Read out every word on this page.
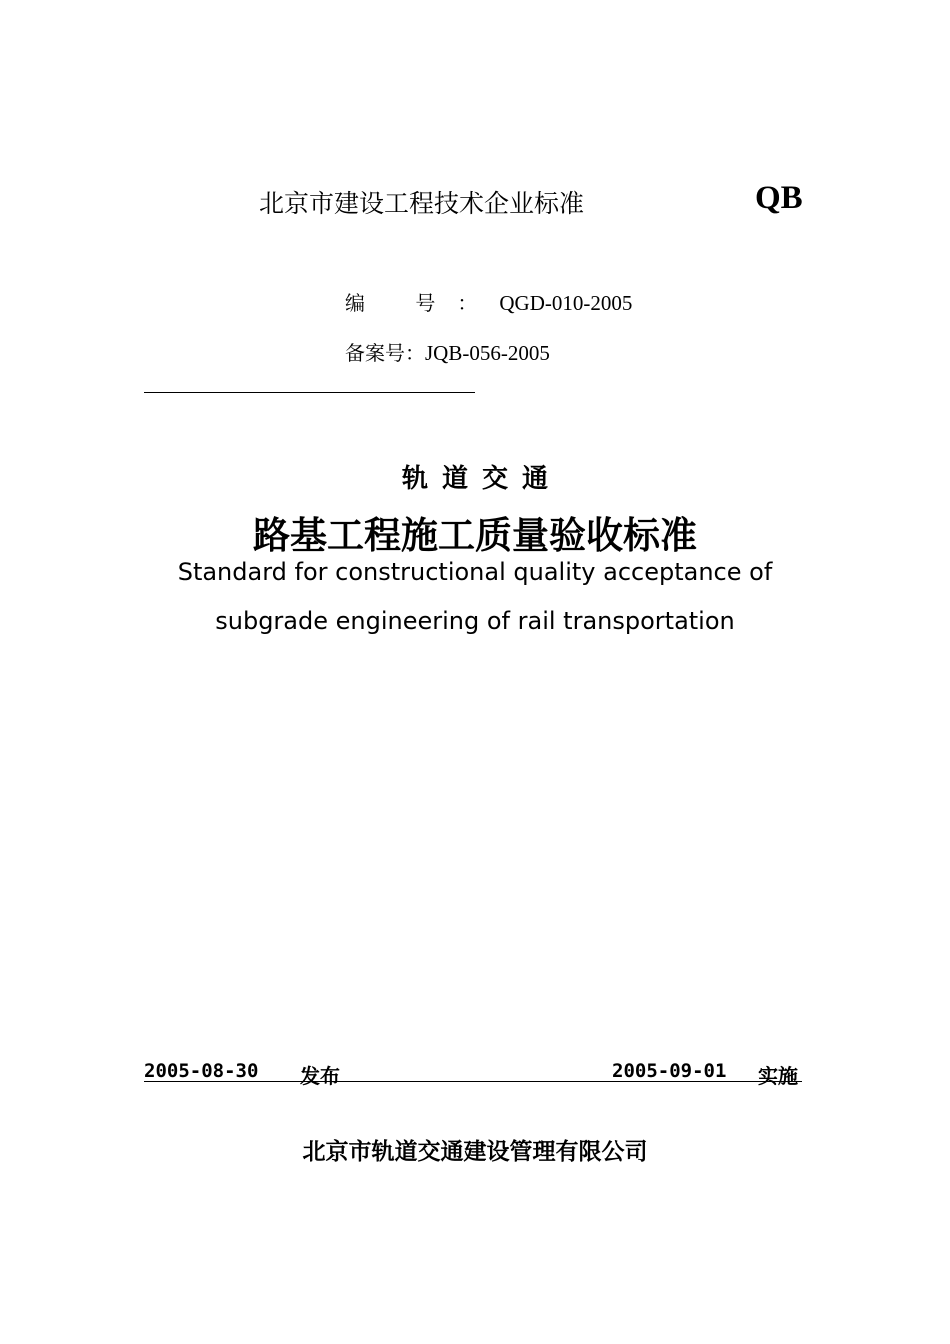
北京市建设工程技术企业标准	QB
编 号：QGD-010-2005
备案号：JQB-056-2005
轨道交通
路基工程施工质量验收标准
Standard for constructional quality acceptance of
subgrade engineering of rail transportation
2005-08-30 发布	2005-09-01 实施
北京市轨道交通建设管理有限公司
